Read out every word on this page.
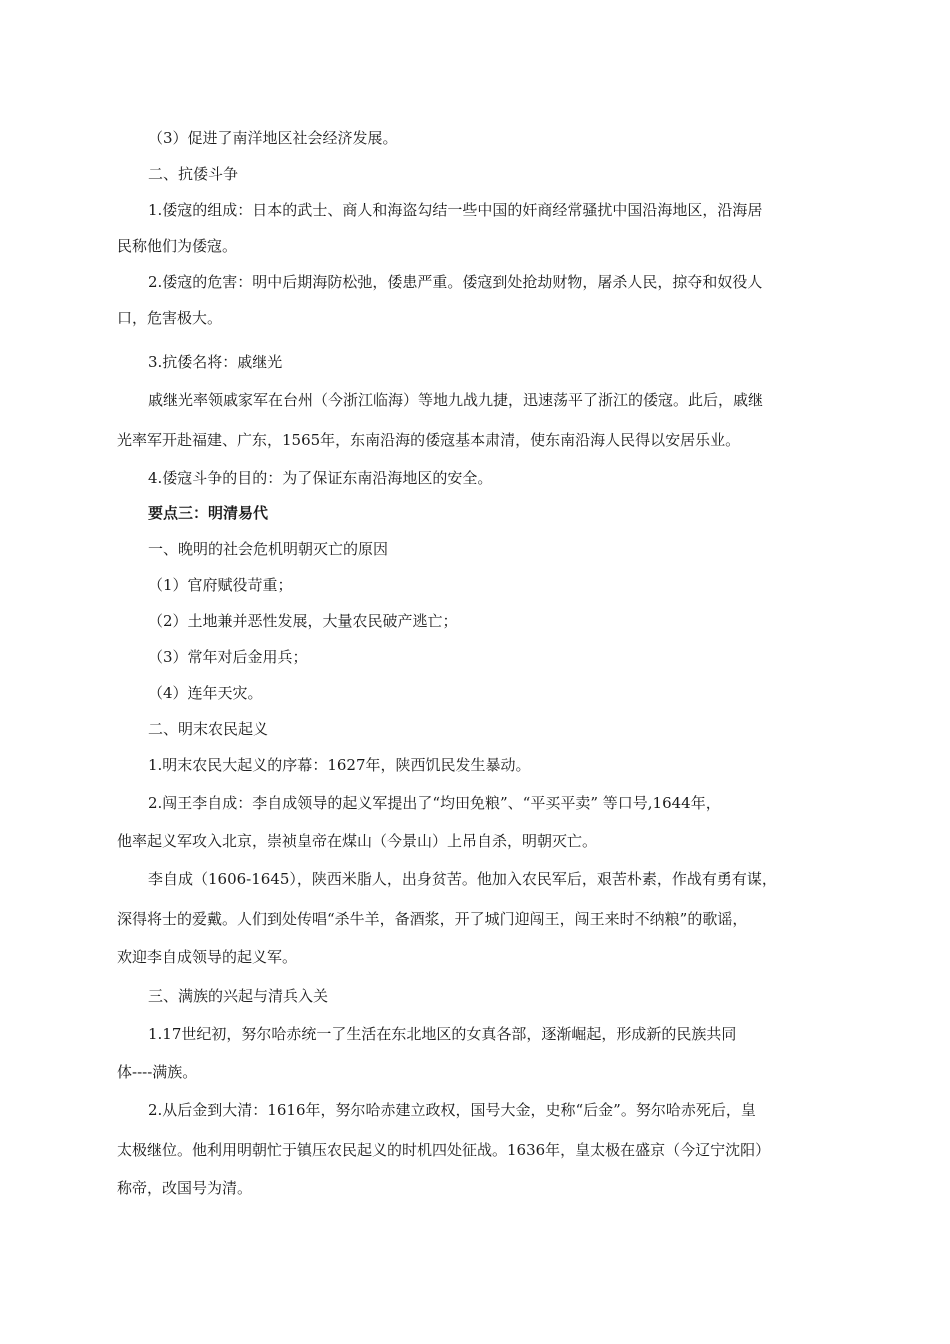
（3）促进了南洋地区社会经济发展。
二、抗倭斗争
1.倭寇的组成：日本的武士、商人和海盗勾结一些中国的奸商经常骚扰中国沿海地区，沿海居
民称他们为倭寇。
2.倭寇的危害：明中后期海防松弛，倭患严重。倭寇到处抢劫财物，屠杀人民，掠夺和奴役人
口，危害极大。
3.抗倭名将：戚继光
戚继光率领戚家军在台州（今浙江临海）等地九战九捷，迅速荡平了浙江的倭寇。此后，戚继
光率军开赴福建、广东，1565年，东南沿海的倭寇基本肃清，使东南沿海人民得以安居乐业。
4.倭寇斗争的目的：为了保证东南沿海地区的安全。
要点三：明清易代
一、晚明的社会危机明朝灭亡的原因
（1）官府赋役苛重；
（2）土地兼并恶性发展，大量农民破产逃亡；
（3）常年对后金用兵；
（4）连年天灾。
二、明末农民起义
1.明末农民大起义的序幕：1627年，陕西饥民发生暴动。
2.闯王李自成：李自成领导的起义军提出了“均田免粮”、“平买平卖” 等口号,1644年，
他率起义军攻入北京，崇祯皇帝在煤山（今景山）上吊自杀，明朝灭亡。
李自成（1606-1645），陕西米脂人，出身贫苦。他加入农民军后，艰苦朴素，作战有勇有谋，
深得将士的爱戴。人们到处传唱“杀牛羊，备酒浆，开了城门迎闯王，闯王来时不纳粮”的歌谣，
欢迎李自成领导的起义军。
三、满族的兴起与清兵入关
1.17世纪初，努尔哈赤统一了生活在东北地区的女真各部，逐渐崛起，形成新的民族共同
体----满族。
2.从后金到大清：1616年，努尔哈赤建立政权，国号大金，史称“后金”。努尔哈赤死后，皇
太极继位。他利用明朝忙于镇压农民起义的时机四处征战。1636年，皇太极在盛京（今辽宁沈阳）
称帝，改国号为清。
